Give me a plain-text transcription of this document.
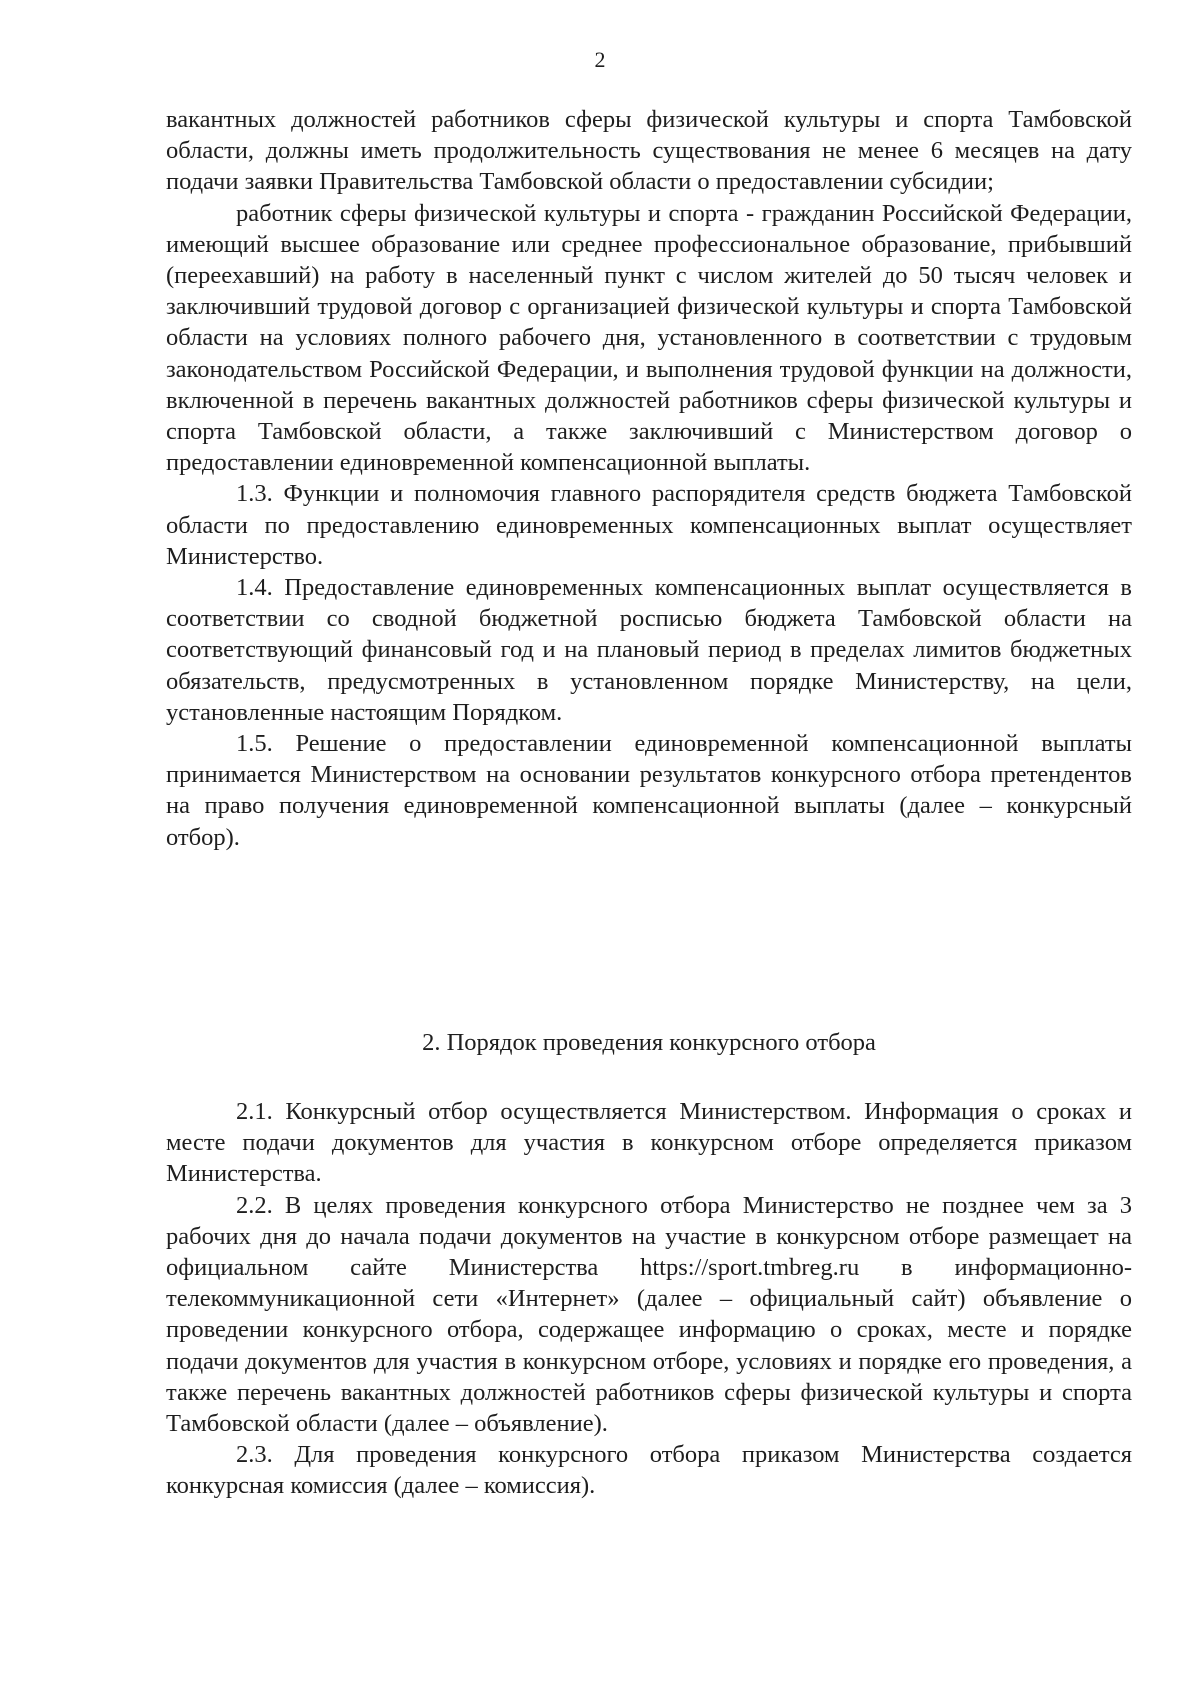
2

вакантных должностей работников сферы физической культуры и спорта Тамбовской области, должны иметь продолжительность существования не менее 6 месяцев на дату подачи заявки Правительства Тамбовской области о предоставлении субсидии;

работник сферы физической культуры и спорта - гражданин Российской Федерации, имеющий высшее образование или среднее профессиональное образование, прибывший (переехавший) на работу в населенный пункт с числом жителей до 50 тысяч человек и заключивший трудовой договор с организацией физической культуры и спорта Тамбовской области на условиях полного рабочего дня, установленного в соответствии с трудовым законодательством Российской Федерации, и выполнения трудовой функции на должности, включенной в перечень вакантных должностей работников сферы физической культуры и спорта Тамбовской области, а также заключивший с Министерством договор о предоставлении единовременной компенсационной выплаты.

1.3. Функции и полномочия главного распорядителя средств бюджета Тамбовской области по предоставлению единовременных компенсационных выплат осуществляет Министерство.

1.4. Предоставление единовременных компенсационных выплат осуществляется в соответствии со сводной бюджетной росписью бюджета Тамбовской области на соответствующий финансовый год и на плановый период в пределах лимитов бюджетных обязательств, предусмотренных в установленном порядке Министерству, на цели, установленные настоящим Порядком.

1.5. Решение о предоставлении единовременной компенсационной выплаты принимается Министерством на основании результатов конкурсного отбора претендентов на право получения единовременной компенсационной выплаты (далее – конкурсный отбор).

2. Порядок проведения конкурсного отбора

2.1. Конкурсный отбор осуществляется Министерством. Информация о сроках и месте подачи документов для участия в конкурсном отборе определяется приказом Министерства.

2.2. В целях проведения конкурсного отбора Министерство не позднее чем за 3 рабочих дня до начала подачи документов на участие в конкурсном отборе размещает на официальном сайте Министерства https://sport.tmbreg.ru в информационно-телекоммуникационной сети «Интернет» (далее – официальный сайт) объявление о проведении конкурсного отбора, содержащее информацию о сроках, месте и порядке подачи документов для участия в конкурсном отборе, условиях и порядке его проведения, а также перечень вакантных должностей работников сферы физической культуры и спорта Тамбовской области (далее – объявление).

2.3. Для проведения конкурсного отбора приказом Министерства создается конкурсная комиссия (далее – комиссия).
